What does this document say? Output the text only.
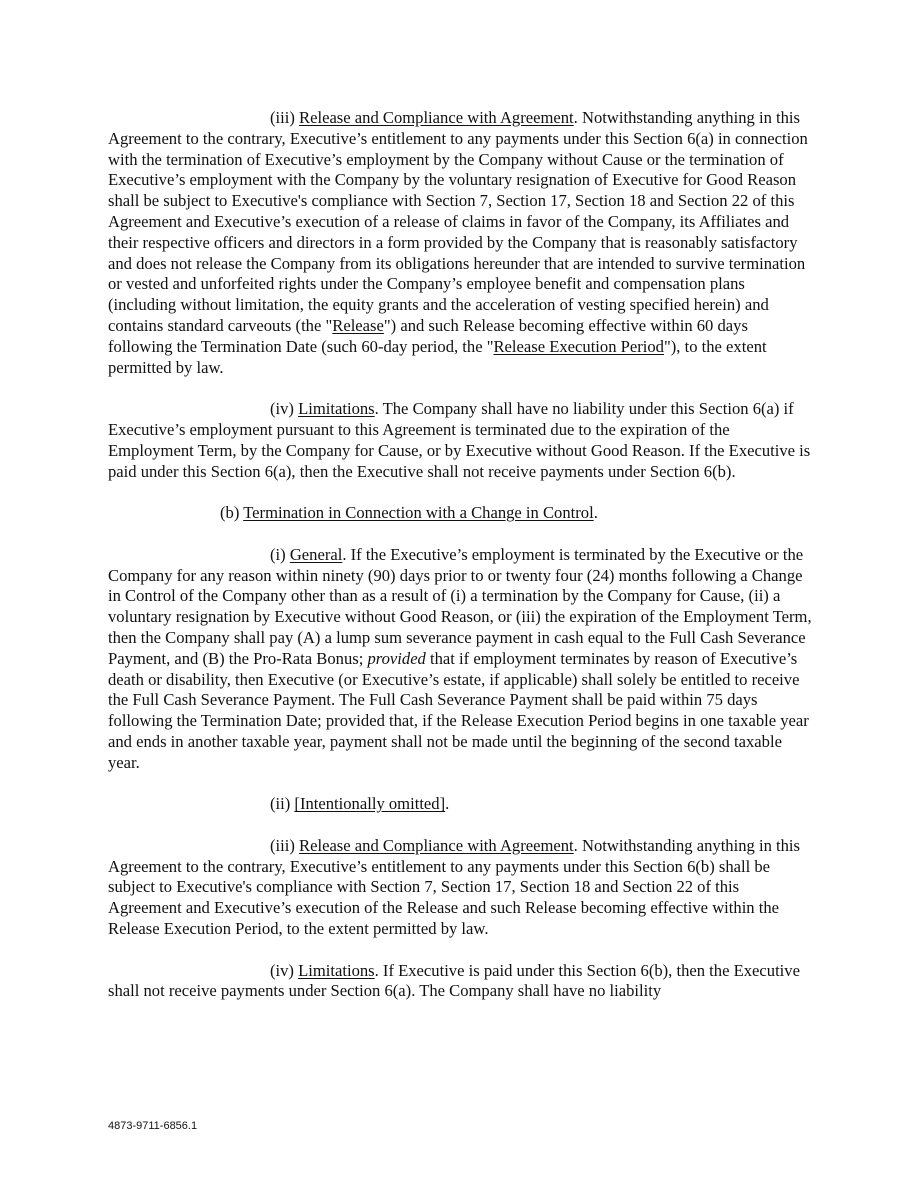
(iii) Release and Compliance with Agreement. Notwithstanding anything in this Agreement to the contrary, Executive’s entitlement to any payments under this Section 6(a) in connection with the termination of Executive’s employment by the Company without Cause or the termination of Executive’s employment with the Company by the voluntary resignation of Executive for Good Reason shall be subject to Executive's compliance with Section 7, Section 17, Section 18 and Section 22 of this Agreement and Executive’s execution of a release of claims in favor of the Company, its Affiliates and their respective officers and directors in a form provided by the Company that is reasonably satisfactory and does not release the Company from its obligations hereunder that are intended to survive termination or vested and unforfeited rights under the Company’s employee benefit and compensation plans (including without limitation, the equity grants and the acceleration of vesting specified herein) and contains standard carveouts (the "Release") and such Release becoming effective within 60 days following the Termination Date (such 60-day period, the "Release Execution Period"), to the extent permitted by law.

(iv) Limitations. The Company shall have no liability under this Section 6(a) if Executive’s employment pursuant to this Agreement is terminated due to the expiration of the Employment Term, by the Company for Cause, or by Executive without Good Reason. If the Executive is paid under this Section 6(a), then the Executive shall not receive payments under Section 6(b).

(b) Termination in Connection with a Change in Control.

(i) General. If the Executive’s employment is terminated by the Executive or the Company for any reason within ninety (90) days prior to or twenty four (24) months following a Change in Control of the Company other than as a result of (i) a termination by the Company for Cause, (ii) a voluntary resignation by Executive without Good Reason, or (iii) the expiration of the Employment Term, then the Company shall pay (A) a lump sum severance payment in cash equal to the Full Cash Severance Payment, and (B) the Pro-Rata Bonus; provided that if employment terminates by reason of Executive’s death or disability, then Executive (or Executive’s estate, if applicable) shall solely be entitled to receive the Full Cash Severance Payment. The Full Cash Severance Payment shall be paid within 75 days following the Termination Date; provided that, if the Release Execution Period begins in one taxable year and ends in another taxable year, payment shall not be made until the beginning of the second taxable year.

(ii) [Intentionally omitted].

(iii) Release and Compliance with Agreement. Notwithstanding anything in this Agreement to the contrary, Executive’s entitlement to any payments under this Section 6(b) shall be subject to Executive's compliance with Section 7, Section 17, Section 18 and Section 22 of this Agreement and Executive’s execution of the Release and such Release becoming effective within the Release Execution Period, to the extent permitted by law.

(iv) Limitations. If Executive is paid under this Section 6(b), then the Executive shall not receive payments under Section 6(a). The Company shall have no liability

4873-9711-6856.1
